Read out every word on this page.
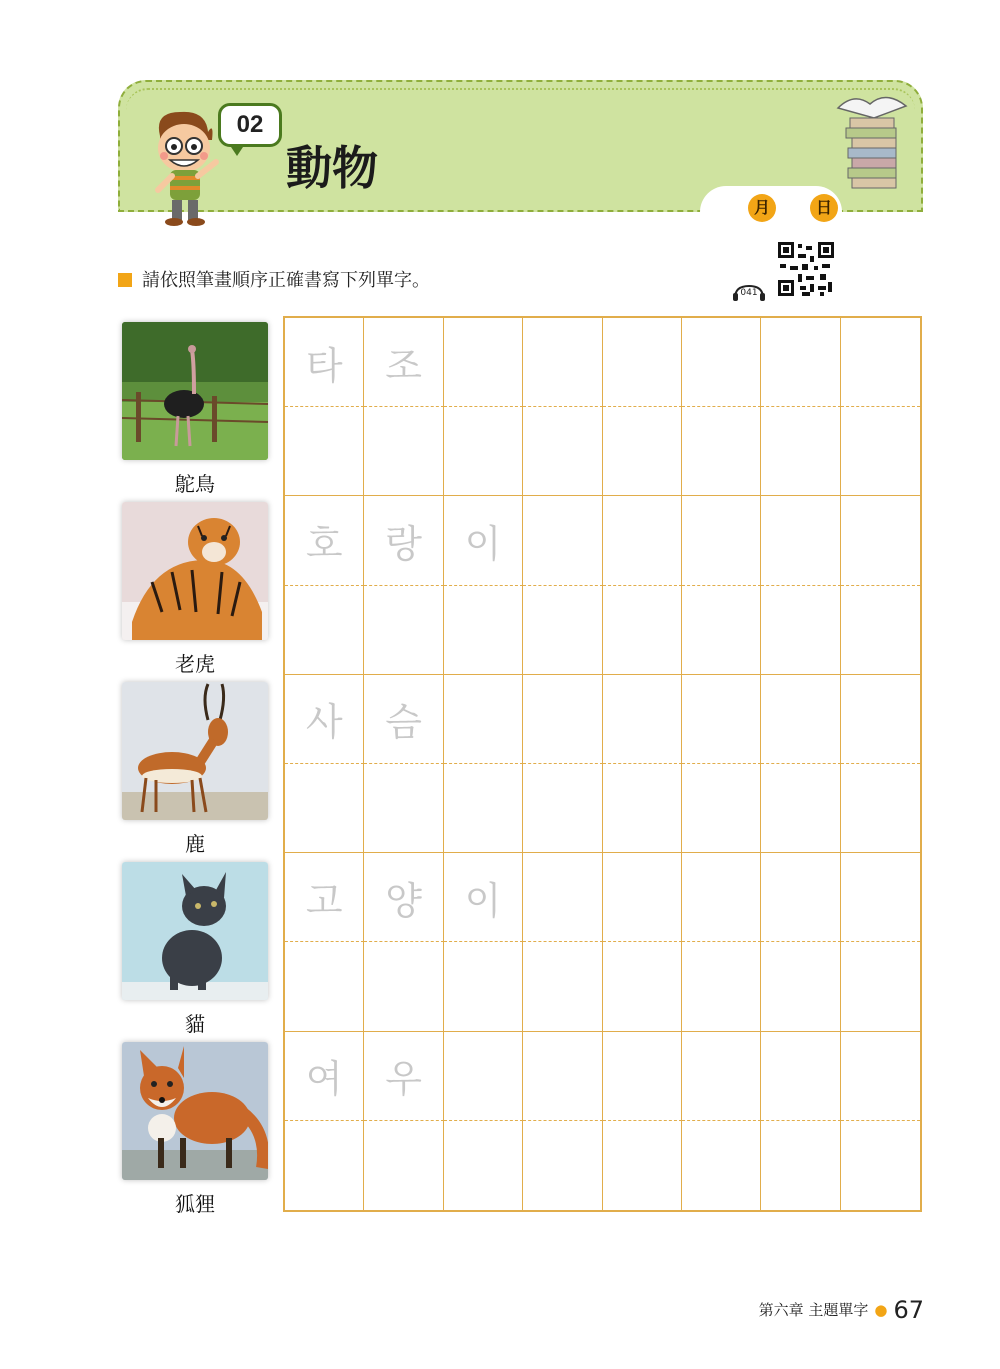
02
動物
月	日
041
請依照筆畫順序正確書寫下列單字。
鴕鳥
老虎
鹿
貓
狐狸
타	조
호	랑	이
사	슴
고	양	이
여	우
第六章 主題單字 ● 67
